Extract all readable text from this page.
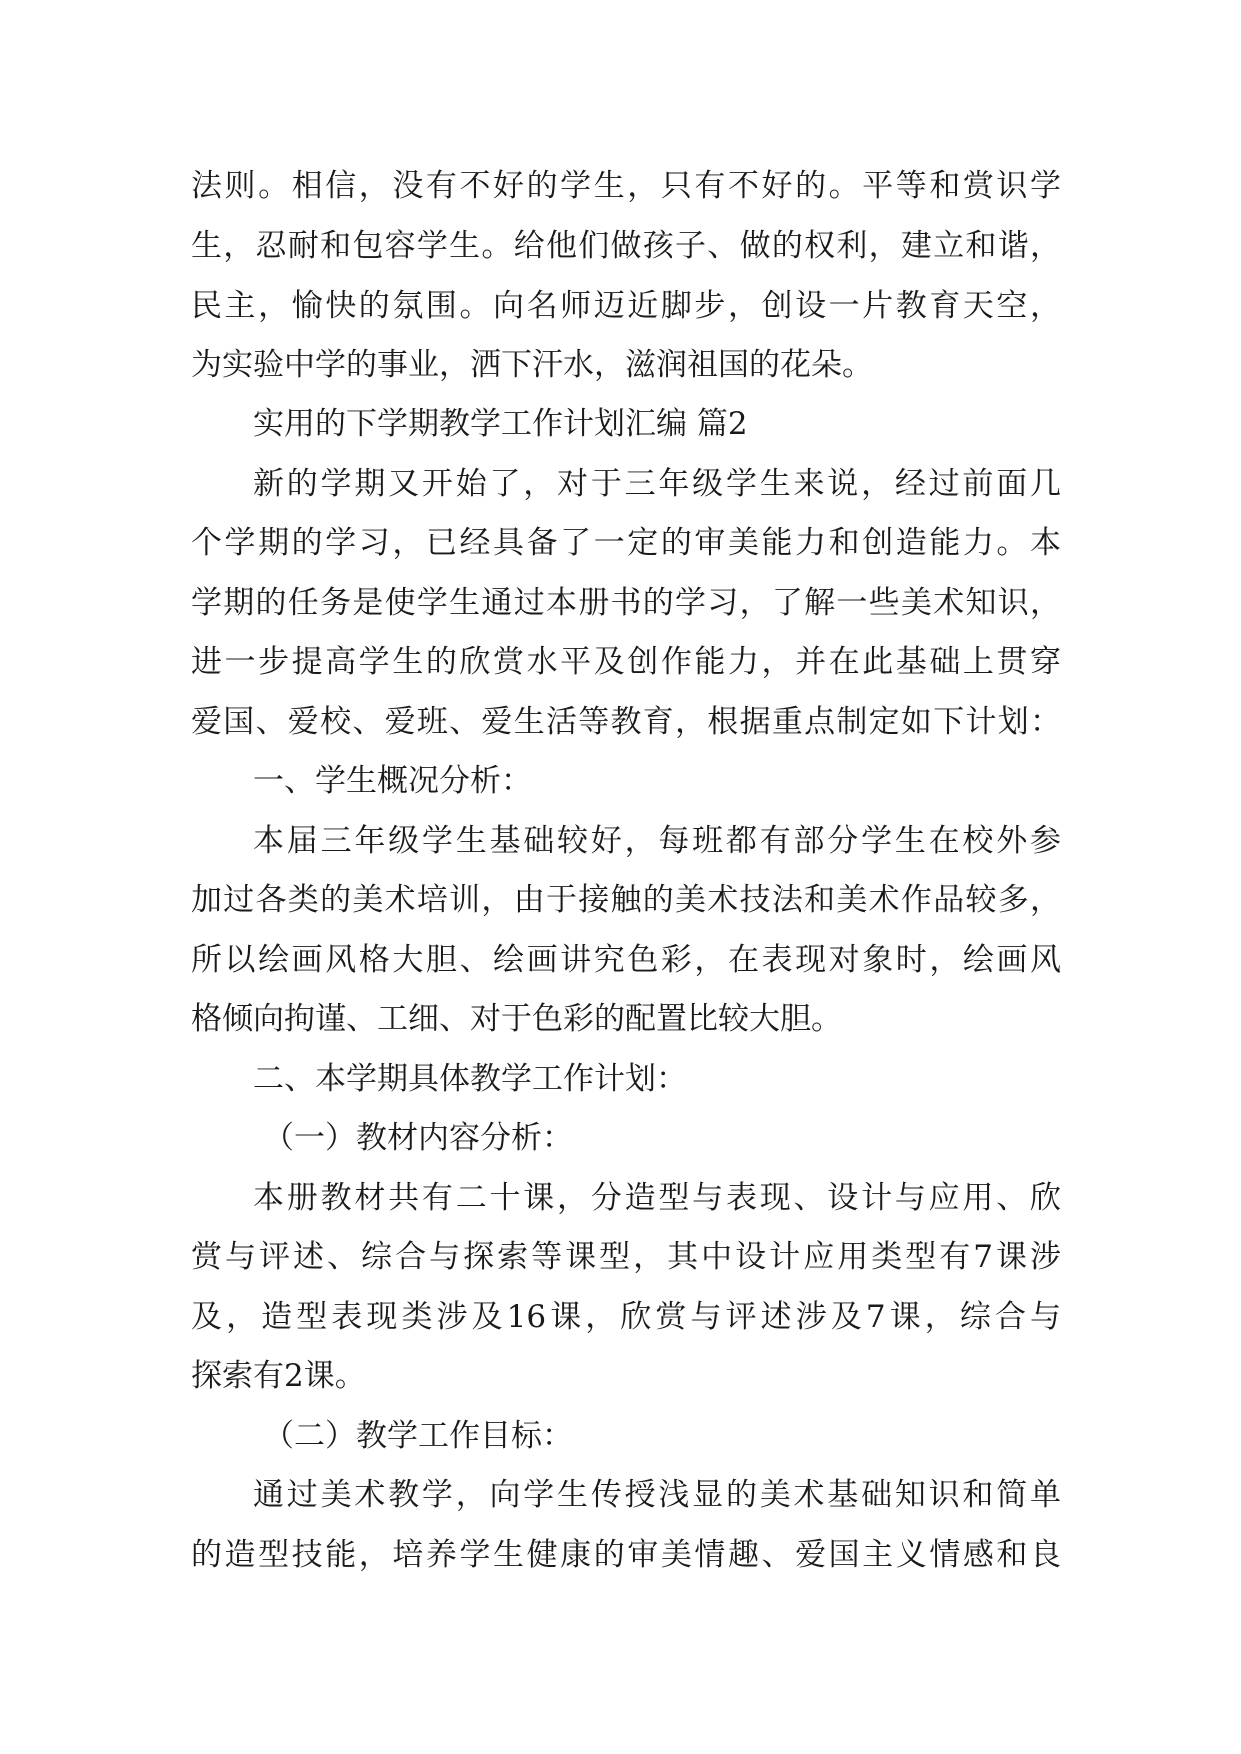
法则。相信，没有不好的学生，只有不好的。平等和赏识学
生，忍耐和包容学生。给他们做孩子、做的权利，建立和谐，
民主，愉快的氛围。向名师迈近脚步，创设一片教育天空，
为实验中学的事业，洒下汗水，滋润祖国的花朵。
实用的下学期教学工作计划汇编 篇2
新的学期又开始了，对于三年级学生来说，经过前面几
个学期的学习，已经具备了一定的审美能力和创造能力。本
学期的任务是使学生通过本册书的学习，了解一些美术知识，
进一步提高学生的欣赏水平及创作能力，并在此基础上贯穿
爱国、爱校、爱班、爱生活等教育，根据重点制定如下计划：
一、学生概况分析：
本届三年级学生基础较好，每班都有部分学生在校外参
加过各类的美术培训，由于接触的美术技法和美术作品较多，
所以绘画风格大胆、绘画讲究色彩，在表现对象时，绘画风
格倾向拘谨、工细、对于色彩的配置比较大胆。
二、本学期具体教学工作计划：
（一）教材内容分析：
本册教材共有二十课，分造型与表现、设计与应用、欣
赏与评述、综合与探索等课型，其中设计应用类型有7课涉
及，造型表现类涉及16课，欣赏与评述涉及7课，综合与
探索有2课。
（二）教学工作目标：
通过美术教学，向学生传授浅显的美术基础知识和简单
的造型技能，培养学生健康的审美情趣、爱国主义情感和良
